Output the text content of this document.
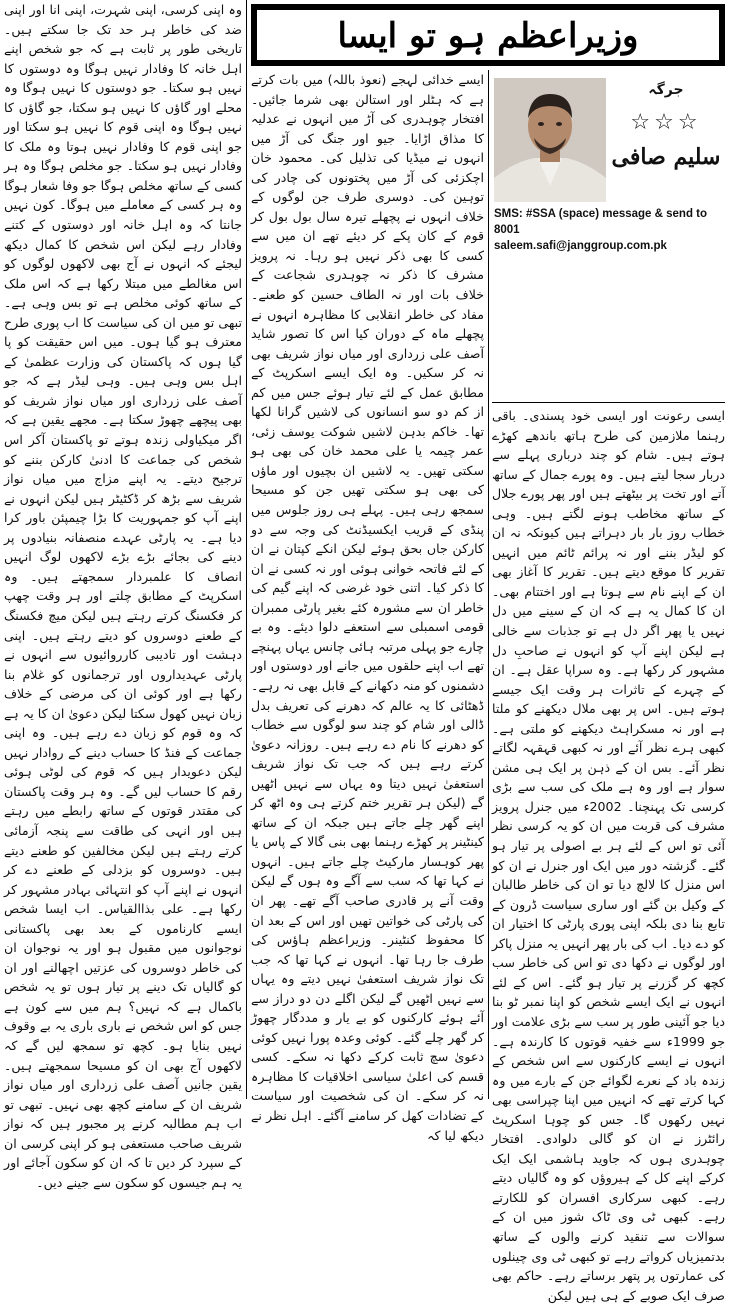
وزیراعظم ہو تو ایسا
جرگہ
☆☆☆
سلیم صافی
SMS: #SSA (space) message & send to 8001
saleem.safi@janggroup.com.pk

ایسی رعونت اور ایسی خود پسندی۔ باقی رہنما ملازمین کی طرح ہاتھ باندھے کھڑے ہوتے ہیں۔ شام کو چند درباری پہلے سے دربار سجا لیتے ہیں۔ وہ پورے جمال کے ساتھ آتے اور تخت پر بیٹھتے ہیں اور پھر پورے جلال کے ساتھ مخاطب ہونے لگتے ہیں۔ وہی خطاب روز بار بار دہراتے ہیں کیونکہ نہ ان کو لیڈر بننے اور نہ پرائم ٹائم میں انہیں تقریر کا موقع دیتے ہیں۔ تقریر کا آغاز بھی ان کے اپنے نام سے ہوتا ہے اور اختتام بھی۔ ان کا کمال یہ ہے کہ ان کے سینے میں دل نہیں یا پھر اگر دل ہے تو جذبات سے خالی ہے لیکن اپنے آپ کو انہوں نے صاحبِ دل مشہور کر رکھا ہے۔ وہ سراپا عقل ہے۔ ان کے چہرے کے تاثرات ہر وقت ایک جیسے ہوتے ہیں۔ اس پر بھی ملال دیکھنے کو ملتا ہے اور نہ مسکراہٹ دیکھنے کو ملتی ہے۔ کبھی ہرے نظر آئے اور نہ کبھی قہقہہ لگاتے نظر آئے۔ بس ان کے ذہن پر ایک ہی مشن سوار ہے اور وہ ہے ملک کی سب سے بڑی کرسی تک پہنچنا۔ 2002ء میں جنرل پرویز مشرف کی قربت میں ان کو یہ کرسی نظر آئی تو اس کے لئے ہر بے اصولی پر تیار ہو گئے۔ گزشتہ دور میں ایک اور جنرل نے ان کو اس منزل کا لالچ دیا تو ان کی خاطر طالبان کے وکیل بن گئے اور ساری سیاست ڈرون کے تابع بنا دی بلکہ اپنی پوری پارٹی کا اختیار ان کو دے دیا۔ اب کی بار پھر انہیں یہ منزل پاکر اور لوگوں نے دکھا دی تو اس کی خاطر سب کچھ کر گزرنے پر تیار ہو گئے۔ اس کے لئے انہوں نے ایک ایسے شخص کو اپنا نمبر ٹو بنا دیا جو آئینی طور پر سب سے بڑی علامت اور جو 1999ء سے خفیہ قوتوں کا کارندہ ہے۔ انہوں نے ایسے کارکنوں سے اس شخص کے زندہ باد کے نعرے لگوائے جن کے بارے میں وہ کہا کرتے تھے کہ انہیں میں اپنا چپراسی بھی نہیں رکھوں گا۔ جس کو چوہا اسکرپٹ رائٹرز نے ان کو گالی دلوادی۔ افتخار چوہدری ہوں کہ جاوید ہاشمی ایک ایک کرکے اپنے کل کے ہیروؤں کو وہ گالیاں دیتے رہے۔ کبھی سرکاری افسران کو للکارتے رہے۔ کبھی ٹی وی ٹاک شوز میں ان کے سوالات سے تنقید کرنے والوں کے ساتھ بدتمیزیاں کرواتے رہے تو کبھی ٹی وی چینلوں کی عمارتوں پر پتھر برساتے رہے۔ حاکم بھی صرف ایک صوبے کے ہی ہیں لیکن

ایسے خدائی لہجے (نعوذ باللہ) میں بات کرتے ہے کہ ہٹلر اور استالن بھی شرما جائیں۔ افتخار چوہدری کی آڑ میں انہوں نے عدلیہ کا مذاق اڑایا۔ جیو اور جنگ کی آڑ میں انہوں نے میڈیا کی تذلیل کی۔ محمود خان اچکزئی کی آڑ میں پختونوں کی چادر کی توہین کی۔ دوسری طرف جن لوگوں کے خلاف انہوں نے پچھلے تیرہ سال بول بول کر قوم کے کان پکے کر دیئے تھے ان میں سے کسی کا بھی ذکر نہیں ہو رہا۔ نہ پرویز مشرف کا ذکر نہ چوہدری شجاعت کے خلاف بات اور نہ الطاف حسین کو طعنے۔ مفاد کی خاطر انقلابی کا مظاہرہ انہوں نے پچھلے ماہ کے دوران کیا اس کا تصور شاید آصف علی زرداری اور میاں نواز شریف بھی نہ کر سکیں۔ وہ ایک ایسے اسکرپٹ کے مطابق عمل کے لئے تیار ہوئے جس میں کم از کم دو سو انسانوں کی لاشیں گرانا لکھا تھا۔ خاکم بدہن لاشیں شوکت یوسف زئی، عمر چیمہ یا علی محمد خان کی بھی ہو سکتی تھیں۔ یہ لاشیں ان بچیوں اور ماؤں کی بھی ہو سکتی تھیں جن کو مسیحا سمجھ رہی ہیں۔ پہلے ہی روز جلوس میں پنڈی کے قریب ایکسیڈنٹ کی وجہ سے دو کارکن جاں بحق ہوئے لیکن انکے کپتان نے ان کے لئے فاتحہ خوانی ہوئی اور نہ کسی نے ان کا ذکر کیا۔ اتنی خود غرضی کہ اپنے گیم کی خاطر ان سے مشورہ کئے بغیر پارٹی ممبران قومی اسمبلی سے استعفے دلوا دیئے۔ وہ بے چارے جو پہلی مرتبہ ہائی چانس یہاں پہنچے تھے اب اپنے حلقوں میں جانے اور دوستوں اور دشمنوں کو منہ دکھانے کے قابل بھی نہ رہے۔ ڈھٹائی کا یہ عالم کہ دھرنے کی تعریف بدل ڈالی اور شام کو چند سو لوگوں سے خطاب کو دھرنے کا نام دے رہے ہیں۔ روزانہ دعویٰ کرتے رہے ہیں کہ جب تک نواز شریف استعفیٰ نہیں دیتا وہ یہاں سے نہیں اٹھیں گے (لیکن ہر تقریر ختم کرتے ہی وہ اٹھ کر اپنے گھر چلے جاتے ہیں جبکہ ان کے ساتھ کینٹینر پر کھڑے رہنما بھی بنی گالا کے پاس یا پھر کوہسار مارکیٹ چلے جاتے ہیں۔ انہوں نے کہا تھا کہ سب سے آگے وہ ہوں گے لیکن وقت آنے پر قادری صاحب آگے تھے۔ پھر ان کی پارٹی کی خواتین تھیں اور اس کے بعد ان کا محفوظ کنٹینر۔ وزیراعظم ہاؤس کی طرف جا رہا تھا۔ انہوں نے کہا تھا کہ جب تک نواز شریف استعفیٰ نہیں دیتے وہ یہاں سے نہیں اٹھیں گے لیکن اگلے دن دو دراز سے آئے ہوئے کارکنوں کو بے یار و مددگار چھوڑ کر گھر چلے گئے۔ کوئی وعدہ پورا نہیں کوئی دعویٰ سچ ثابت کرکے دکھا نہ سکے۔ کسی قسم کی اعلیٰ سیاسی اخلاقیات کا مظاہرہ نہ کر سکے۔ ان کی شخصیت اور سیاست کے تضادات کھل کر سامنے آگئے۔ اہل نظر نے دیکھ لیا کہ

وہ اپنی کرسی، اپنی شہرت، اپنی انا اور اپنی ضد کی خاطر ہر حد تک جا سکتے ہیں۔ تاریخی طور پر ثابت ہے کہ جو شخص اپنے اہل خانہ کا وفادار نہیں ہوگا وہ دوستوں کا نہیں ہو سکتا۔ جو دوستوں کا نہیں ہوگا وہ محلے اور گاؤں کا نہیں ہو سکتا، جو گاؤں کا نہیں ہوگا وہ اپنی قوم کا نہیں ہو سکتا اور جو اپنی قوم کا وفادار نہیں ہوتا وہ ملک کا وفادار نہیں ہو سکتا۔ جو مخلص ہوگا وہ ہر کسی کے ساتھ مخلص ہوگا جو وفا شعار ہوگا وہ ہر کسی کے معاملے میں ہوگا۔ کون نہیں جانتا کہ وہ اہل خانہ اور دوستوں کے کتنے وفادار رہے لیکن اس شخص کا کمال دیکھ لیجئے کہ انہوں نے آج بھی لاکھوں لوگوں کو اس مغالطے میں مبتلا رکھا ہے کہ اس ملک کے ساتھ کوئی مخلص ہے تو بس وہی ہے۔ تبھی تو میں ان کی سیاست کا اب پوری طرح معترف ہو گیا ہوں۔ میں اس حقیقت کو پا گیا ہوں کہ پاکستان کی وزارت عظمیٰ کے اہل بس وہی ہیں۔ وہی لیڈر ہے کہ جو آصف علی زرداری اور میاں نواز شریف کو بھی پیچھے چھوڑ سکتا ہے۔ مجھے یقین ہے کہ اگر میکیاولی زندہ ہوتے تو پاکستان آکر اس شخص کی جماعت کا ادنیٰ کارکن بننے کو ترجیح دیتے۔ یہ اپنے مزاج میں میاں نواز شریف سے بڑھ کر ڈکٹیٹر ہیں لیکن انہوں نے اپنے آپ کو جمہوریت کا بڑا چیمپئن باور کرا دیا ہے۔ یہ پارٹی عہدے منصفانہ بنیادوں پر دینے کی بجائے بڑے بڑے لاکھوں لوگ انہیں انصاف کا علمبردار سمجھتے ہیں۔ وہ اسکرپٹ کے مطابق چلتے اور ہر وقت چھپ کر فکسنگ کرتے رہتے ہیں لیکن میچ فکسنگ کے طعنے دوسروں کو دیتے رہتے ہیں۔ اپنی دہشت اور تادیبی کارروائیوں سے انہوں نے پارٹی عہدیداروں اور ترجمانوں کو غلام بنا رکھا ہے اور کوئی ان کی مرضی کے خلاف زبان نہیں کھول سکتا لیکن دعویٰ ان کا یہ ہے کہ وہ قوم کو زبان دے رہے ہیں۔ وہ اپنی جماعت کے فنڈ کا حساب دینے کے روادار نہیں لیکن دعویدار ہیں کہ قوم کی لوٹی ہوئی رقم کا حساب لیں گے۔ وہ ہر وقت پاکستان کی مقتدر قوتوں کے ساتھ رابطے میں رہتے ہیں اور انہی کی طاقت سے پنجہ آزمائی کرتے رہتے ہیں لیکن مخالفین کو طعنے دیتے ہیں۔ دوسروں کو بزدلی کے طعنے دے کر انہوں نے اپنے آپ کو انتہائی بہادر مشہور کر رکھا ہے۔ علی بذاالقیاس۔ اب ایسا شخص ایسے کارناموں کے بعد بھی پاکستانی نوجوانوں میں مقبول ہو اور یہ نوجوان ان کی خاطر دوسروں کی عزتیں اچھالنے اور ان کو گالیاں تک دینے پر تیار ہوں تو یہ شخص باکمال ہے کہ نہیں؟ ہم میں سے کون ہے جس کو اس شخص نے باری باری یہ بے وقوف نہیں بنایا ہو۔ کچھ تو سمجھ لیں گے کہ لاکھوں آج بھی ان کو مسیحا سمجھتے ہیں۔ یقین جانیں آصف علی زرداری اور میاں نواز شریف ان کے سامنے کچھ بھی نہیں۔ تبھی تو اب ہم مطالبہ کرنے پر مجبور ہیں کہ نواز شریف صاحب مستعفی ہو کر اپنی کرسی ان کے سپرد کر دیں تا کہ ان کو سکون آجائے اور یہ ہم جیسوں کو سکون سے جینے دیں۔
